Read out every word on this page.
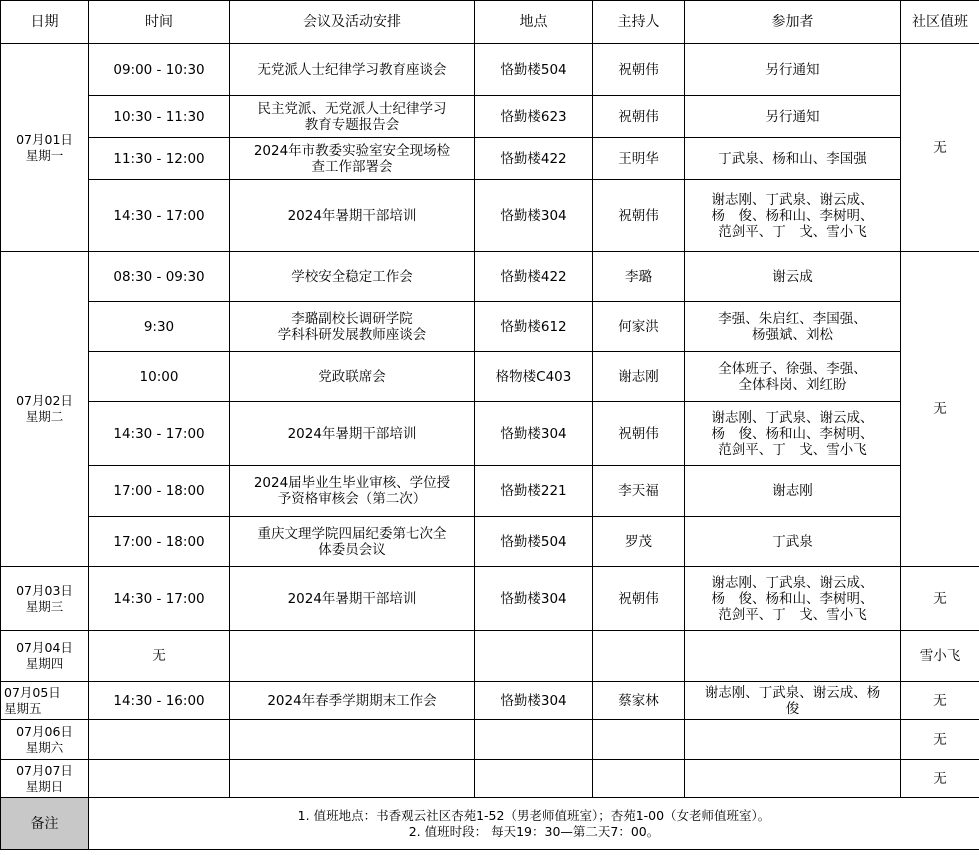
日期	时间	会议及活动安排	地点	主持人	参加者	社区值班

07月01日
星期一	09:00 - 10:30	无党派人士纪律学习教育座谈会	恪勤楼504	祝朝伟	另行通知	无
	10:30 - 11:30	民主党派、无党派人士纪律学习
教育专题报告会	恪勤楼623	祝朝伟	另行通知	

	11:30 - 12:00	2024年市教委实验室安全现场检
查工作部署会	恪勤楼422	王明华	丁武泉、杨和山、李国强	

	14:30 - 17:00	2024年暑期干部培训	恪勤楼304	祝朝伟	谢志刚、丁武泉、谢云成、
杨　俊、杨和山、李树明、
范剑平、丁　戈、雪小飞	

07月02日
星期二	08:30 - 09:30	学校安全稳定工作会	恪勤楼422	李璐	谢云成	无
	9:30	李璐副校长调研学院
学科科研发展教师座谈会	恪勤楼612	何家洪	李强、朱启红、李国强、
杨强斌、刘松	

	10:00	党政联席会	格物楼C403	谢志刚	全体班子、徐强、李强、
全体科岗、刘红盼	

	14:30 - 17:00	2024年暑期干部培训	恪勤楼304	祝朝伟	谢志刚、丁武泉、谢云成、
杨　俊、杨和山、李树明、
范剑平、丁　戈、雪小飞	

	17:00 - 18:00	2024届毕业生毕业审核、学位授
予资格审核会（第二次）	恪勤楼221	李天福	谢志刚	

	17:00 - 18:00	重庆文理学院四届纪委第七次全
体委员会议	恪勤楼504	罗茂	丁武泉	

07月03日
星期三	14:30 - 17:00	2024年暑期干部培训	恪勤楼304	祝朝伟	谢志刚、丁武泉、谢云成、
杨　俊、杨和山、李树明、
范剑平、丁　戈、雪小飞	无

07月04日
星期四	无					雪小飞

07月05日
星期五	14:30 - 16:00	2024年春季学期期末工作会	恪勤楼304	蔡家林	谢志刚、丁武泉、谢云成、杨
俊	无

07月06日
星期六						无

07月07日
星期日						无
备注	1. 值班地点：书香观云社区杏苑1-52（男老师值班室）；杏苑1-00（女老师值班室）。
2. 值班时段： 每天19：30—第二天7：00。					
